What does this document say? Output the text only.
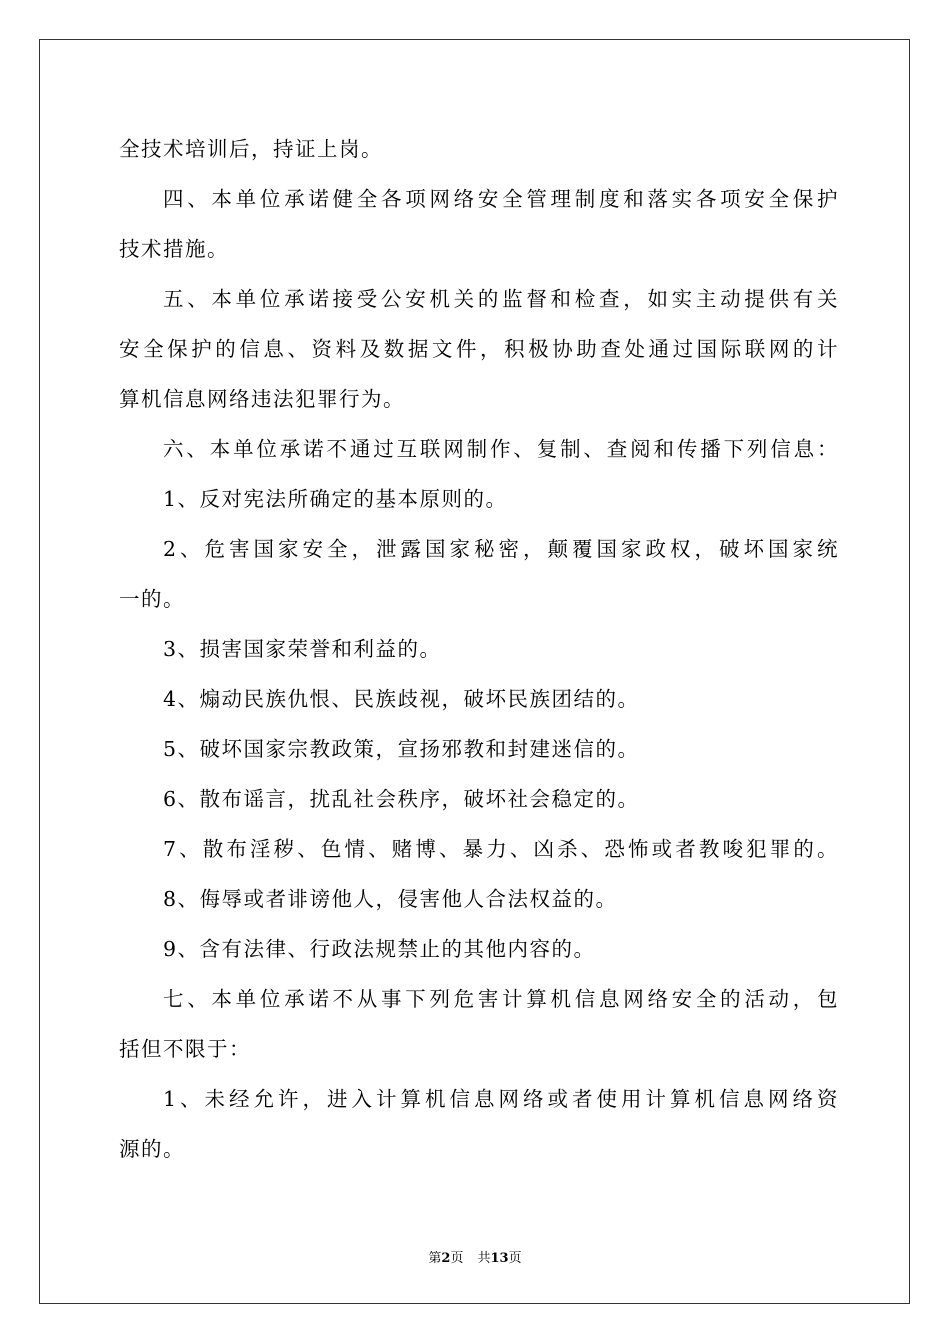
全技术培训后，持证上岗。
四、本单位承诺健全各项网络安全管理制度和落实各项安全保护
技术措施。
五、本单位承诺接受公安机关的监督和检查，如实主动提供有关
安全保护的信息、资料及数据文件，积极协助查处通过国际联网的计
算机信息网络违法犯罪行为。
六、本单位承诺不通过互联网制作、复制、查阅和传播下列信息：
1、反对宪法所确定的基本原则的。
2、危害国家安全，泄露国家秘密，颠覆国家政权，破坏国家统
一的。
3、损害国家荣誉和利益的。
4、煽动民族仇恨、民族歧视，破坏民族团结的。
5、破坏国家宗教政策，宣扬邪教和封建迷信的。
6、散布谣言，扰乱社会秩序，破坏社会稳定的。
7、散布淫秽、色情、赌博、暴力、凶杀、恐怖或者教唆犯罪的。
8、侮辱或者诽谤他人，侵害他人合法权益的。
9、含有法律、行政法规禁止的其他内容的。
七、本单位承诺不从事下列危害计算机信息网络安全的活动，包
括但不限于：
1、未经允许，进入计算机信息网络或者使用计算机信息网络资
源的。
第2页 共13页
